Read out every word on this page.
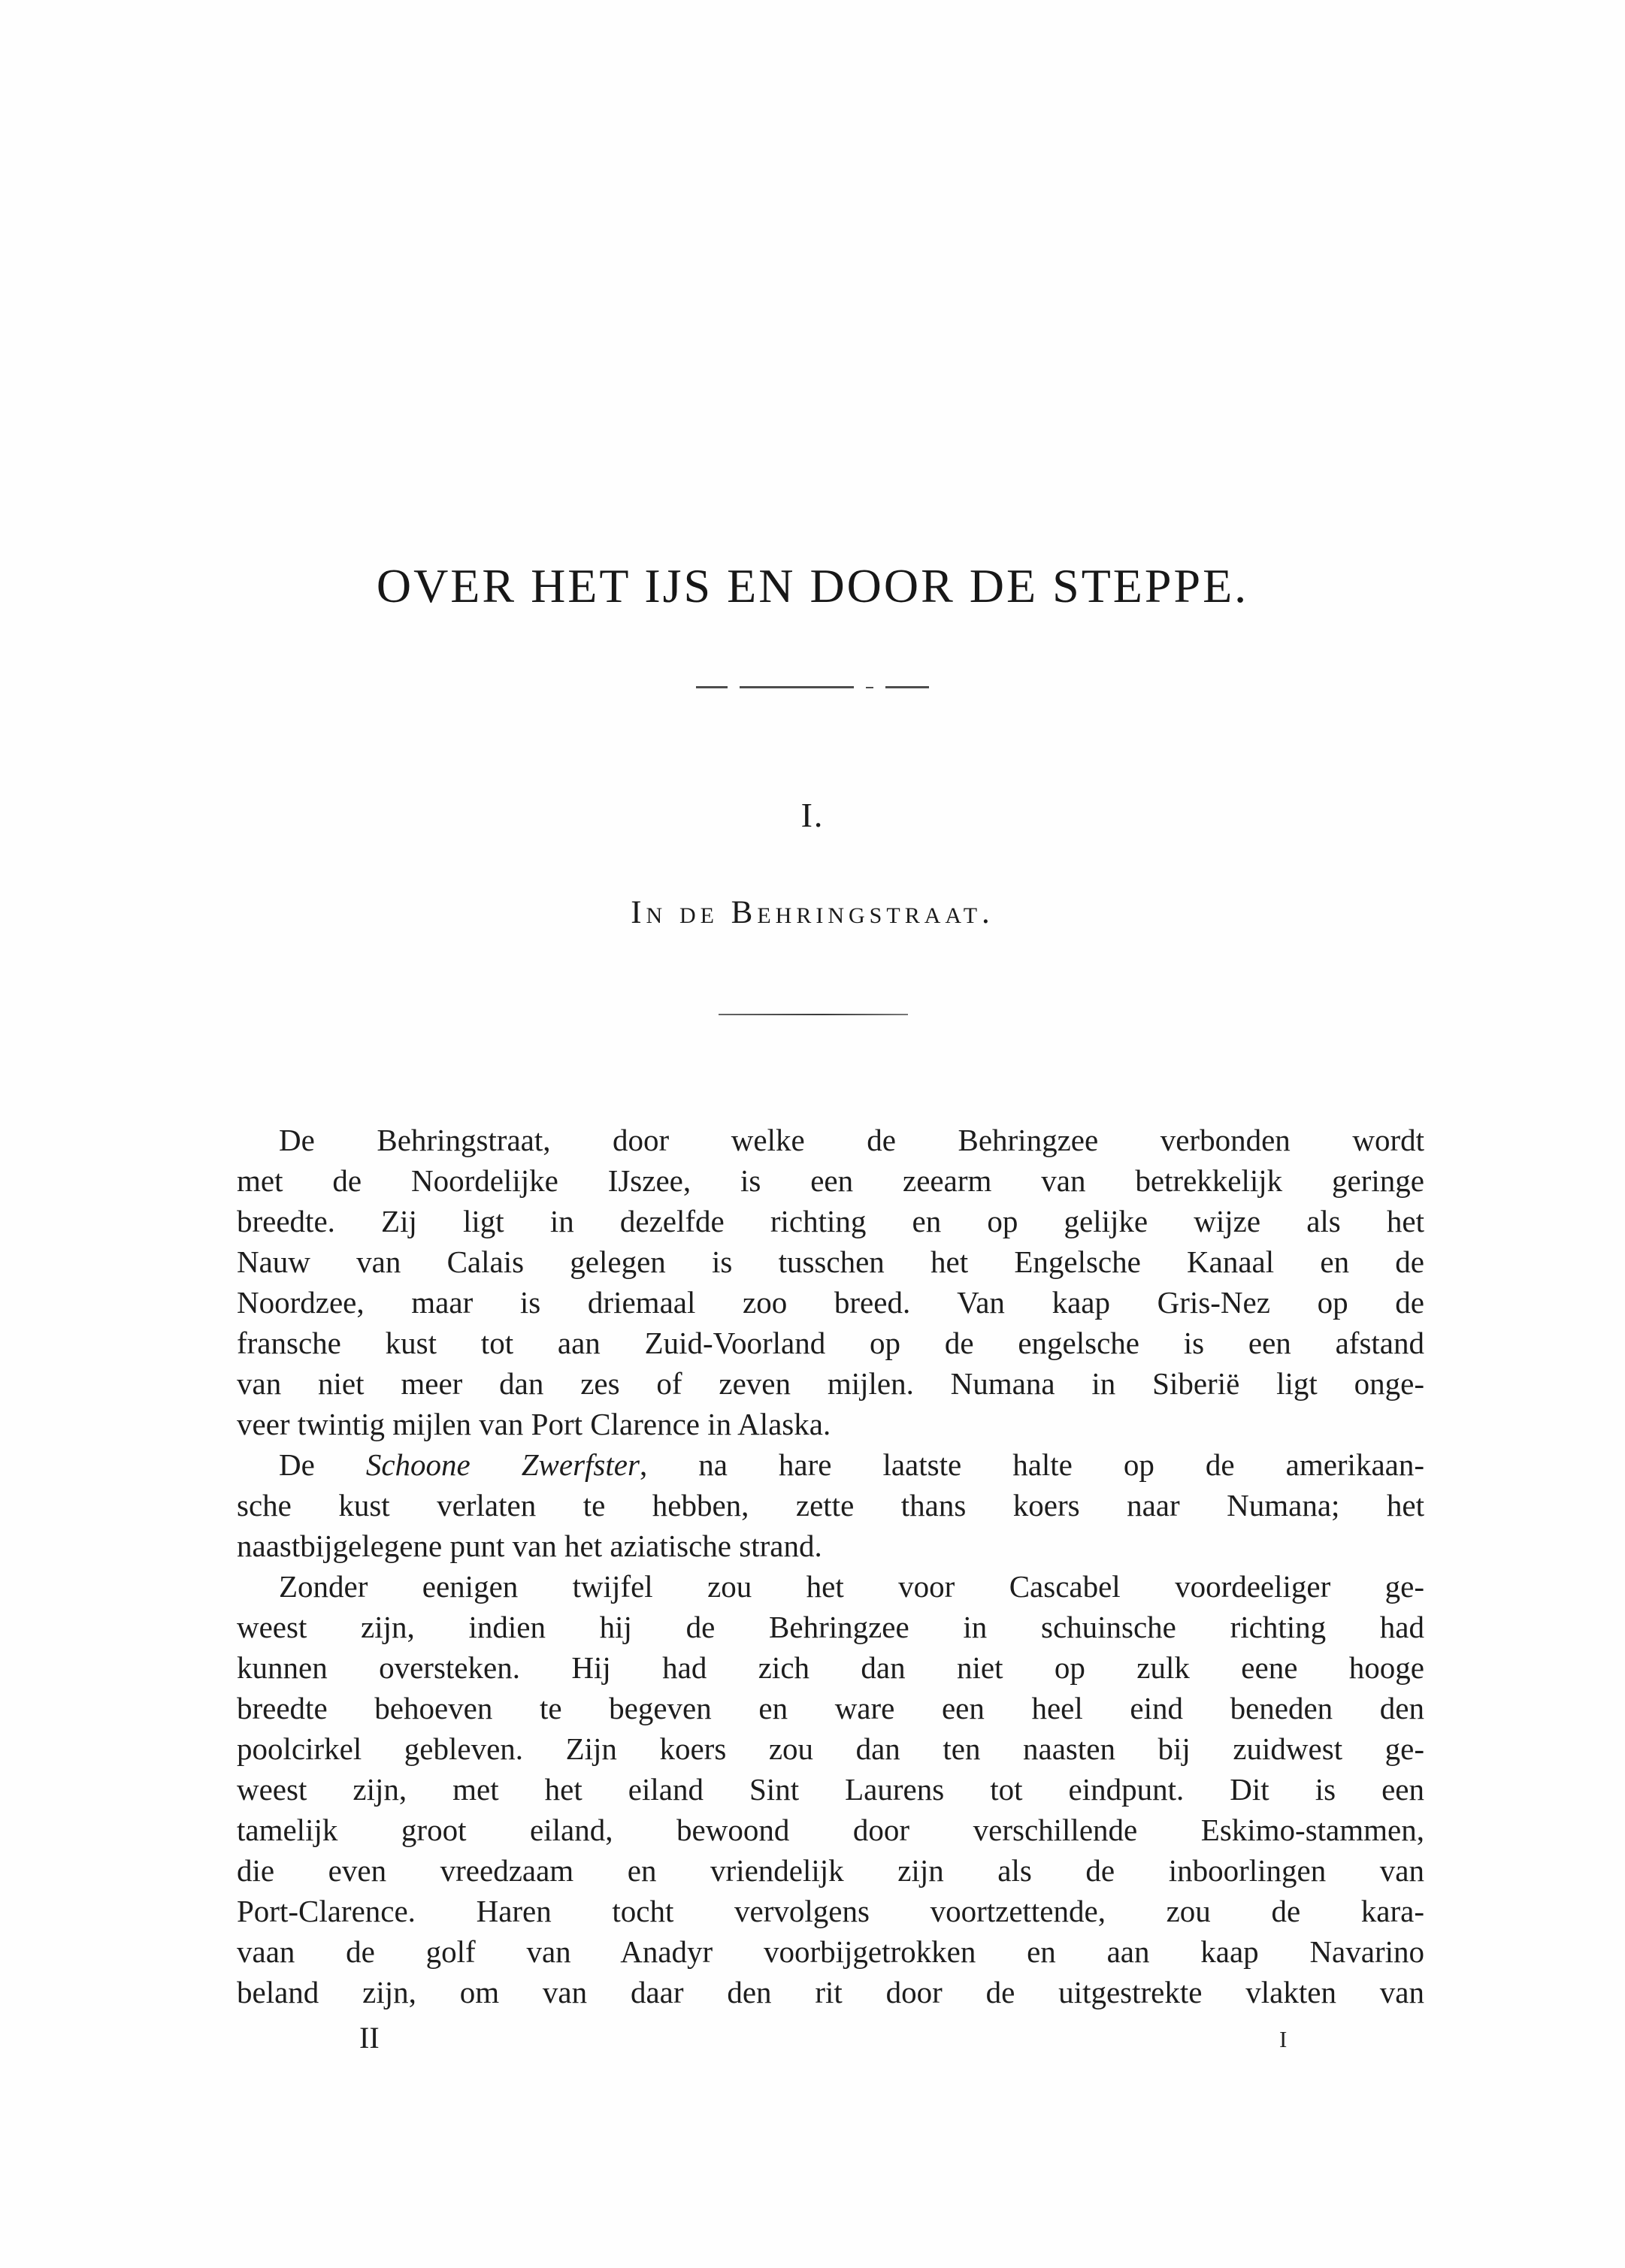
OVER HET IJS EN DOOR DE STEPPE.
I.
In de Behringstraat.
De Behringstraat, door welke de Behringzee verbonden wordt
met de Noordelijke IJszee, is een zeearm van betrekkelijk geringe
breedte. Zij ligt in dezelfde richting en op gelijke wijze als het
Nauw van Calais gelegen is tusschen het Engelsche Kanaal en de
Noordzee, maar is driemaal zoo breed. Van kaap Gris-Nez op de
fransche kust tot aan Zuid-Voorland op de engelsche is een afstand
van niet meer dan zes of zeven mijlen. Numana in Siberië ligt onge-
veer twintig mijlen van Port Clarence in Alaska.
De Schoone Zwerfster, na hare laatste halte op de amerikaan-
sche kust verlaten te hebben, zette thans koers naar Numana; het
naastbijgelegene punt van het aziatische strand.
Zonder eenigen twijfel zou het voor Cascabel voordeeliger ge-
weest zijn, indien hij de Behringzee in schuinsche richting had
kunnen oversteken. Hij had zich dan niet op zulk eene hooge
breedte behoeven te begeven en ware een heel eind beneden den
poolcirkel gebleven. Zijn koers zou dan ten naasten bij zuidwest ge-
weest zijn, met het eiland Sint Laurens tot eindpunt. Dit is een
tamelijk groot eiland, bewoond door verschillende Eskimo-stammen,
die even vreedzaam en vriendelijk zijn als de inboorlingen van
Port-Clarence. Haren tocht vervolgens voortzettende, zou de kara-
vaan de golf van Anadyr voorbijgetrokken en aan kaap Navarino
beland zijn, om van daar den rit door de uitgestrekte vlakten van
II	I
